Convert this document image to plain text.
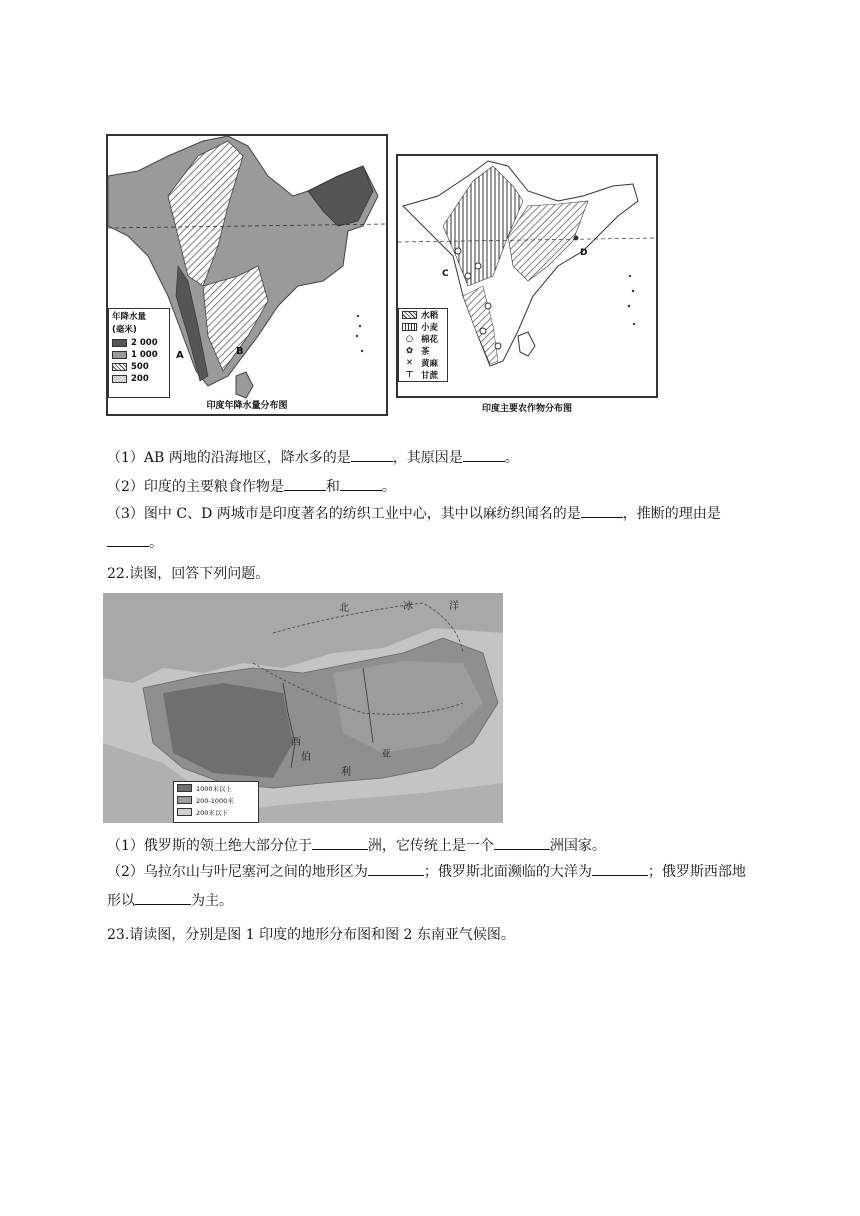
A	B
年降水量
(毫米)
2 000
1 000
500
200
印度年降水量分布图
C
D
水稻
小麦
○ 棉花
✿ 茶
✕ 黄麻
⊤ 甘蔗
印度主要农作物分布图
（1）AB 两地的沿海地区，降水多的是	，其原因是	。
（2）印度的主要粮食作物是	和	。
（3）图中 C、D 两城市是印度著名的纺织工业中心，其中以麻纺织闻名的是	，推断的理由是。
22.读图，回答下列问题。
北	冰	洋
西
伯
利
亚
1000米以上
200-1000米
200米以下
（1）俄罗斯的领土绝大部分位于	洲，它传统上是一个	洲国家。
（2）乌拉尔山与叶尼塞河之间的地形区为	；俄罗斯北面濒临的大洋为	；俄罗斯西部地形以	为主。
23.请读图，分别是图 1 印度的地形分布图和图 2 东南亚气候图。
